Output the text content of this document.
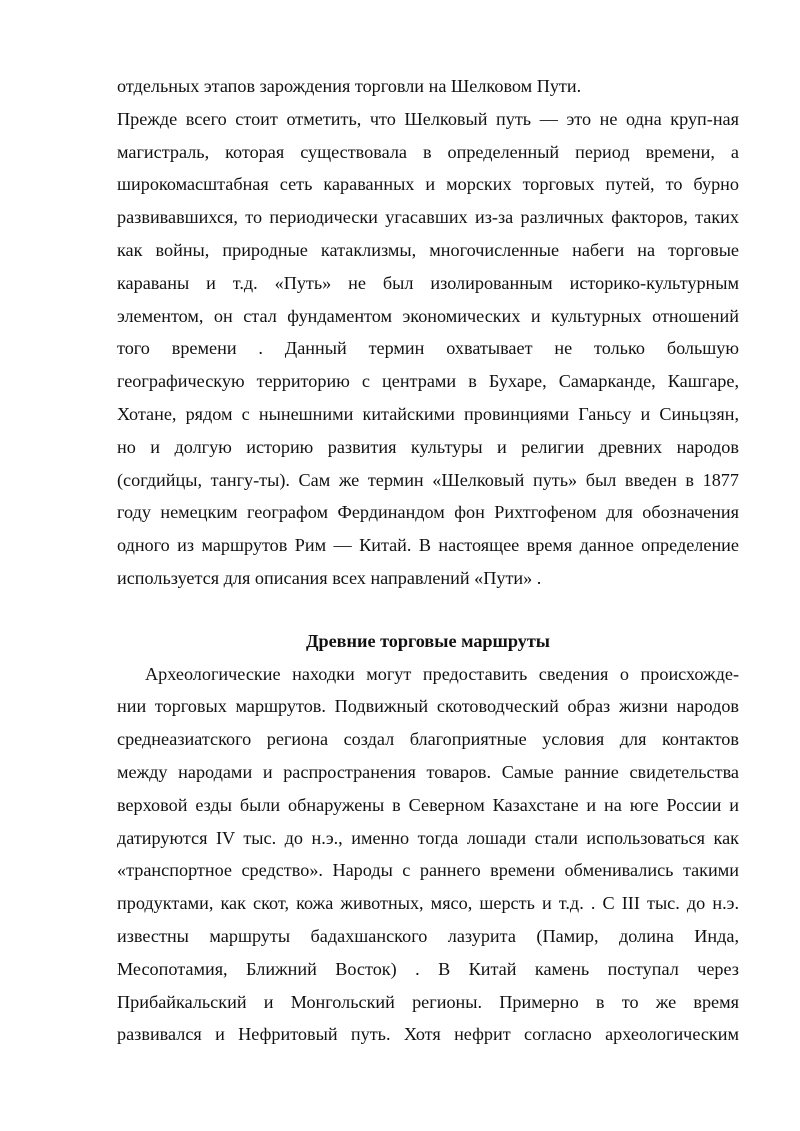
отдельных этапов зарождения торговли на Шелковом Пути.
Прежде всего стоит отметить, что Шелковый путь — это не одна круп-ная
магистраль, которая существовала в определенный период времени, а
широкомасштабная сеть караванных и морских торговых путей, то бурно
развивавшихся, то периодически угасавших из-за различных факторов, таких
как войны, природные катаклизмы, многочисленные набеги на торговые
караваны и т.д. «Путь» не был изолированным историко-культурным
элементом, он стал фундаментом экономических и культурных отношений
того времени . Данный термин охватывает не только большую
географическую территорию с центрами в Бухаре, Самарканде, Кашгаре,
Хотане, рядом с нынешними китайскими провинциями Ганьсу и Синьцзян,
но и долгую историю развития культуры и религии древних народов
(согдийцы, тангу-ты). Сам же термин «Шелковый путь» был введен в 1877
году немецким географом Фердинандом фон Рихтгофеном для обозначения
одного из маршрутов Рим — Китай. В настоящее время данное определение
используется для описания всех направлений «Пути» .
Древние торговые маршруты
Археологические находки могут предоставить сведения о происхожде-
нии торговых маршрутов. Подвижный скотоводческий образ жизни народов
среднеазиатского региона создал благоприятные условия для контактов
между народами и распространения товаров. Самые ранние свидетельства
верховой езды были обнаружены в Северном Казахстане и на юге России и
датируются IV тыс. до н.э., именно тогда лошади стали использоваться как
«транспортное средство». Народы с раннего времени обменивались такими
продуктами, как скот, кожа животных, мясо, шерсть и т.д. . С III тыс. до н.э.
известны маршруты бадахшанского лазурита (Памир, долина Инда,
Месопотамия, Ближний Восток) . В Китай камень поступал через
Прибайкальский и Монгольский регионы. Примерно в то же время
развивался и Нефритовый путь. Хотя нефрит согласно археологическим
